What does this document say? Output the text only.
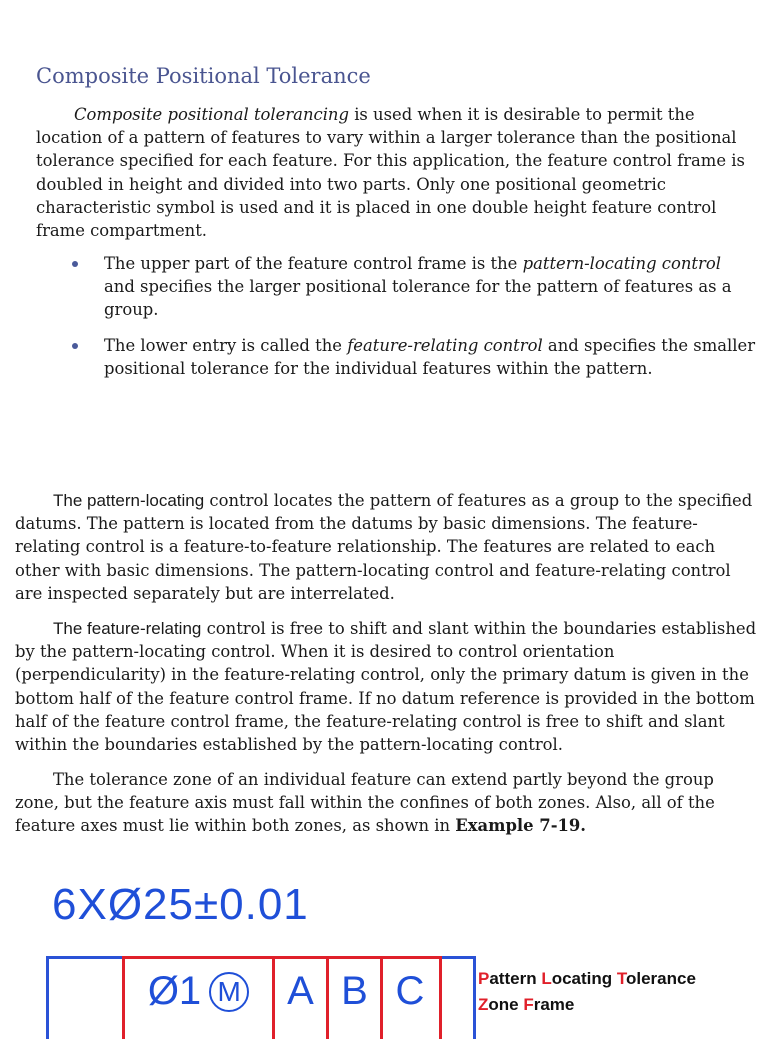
Composite Positional Tolerance

Composite positional tolerancing is used when it is desirable to permit the location of a pattern of features to vary within a larger tolerance than the positional tolerance specified for each feature. For this application, the feature control frame is doubled in height and divided into two parts. Only one positional geometric characteristic symbol is used and it is placed in one double height feature control frame compartment.

The upper part of the feature control frame is the pattern-locating control and specifies the larger positional tolerance for the pattern of features as a group.
The lower entry is called the feature-relating control and specifies the smaller positional tolerance for the individual features within the pattern.

The pattern-locating control locates the pattern of features as a group to the specified datums. The pattern is located from the datums by basic dimensions. The feature-relating control is a feature-to-feature relationship. The features are related to each other with basic dimensions. The pattern-locating control and feature-relating control are inspected separately but are interrelated.

The feature-relating control is free to shift and slant within the boundaries established by the pattern-locating control. When it is desired to control orientation (perpendicularity) in the feature-relating control, only the primary datum is given in the bottom half of the feature control frame. If no datum reference is provided in the bottom half of the feature control frame, the feature-relating control is free to shift and slant within the boundaries established by the pattern-locating control.

The tolerance zone of an individual feature can extend partly beyond the group zone, but the feature axis must fall within the confines of both zones. Also, all of the feature axes must lie within both zones, as shown in Example 7-19.

6XØ25±0.01
Ø1 M A B C	Pattern Locating Tolerance
Zone Frame
